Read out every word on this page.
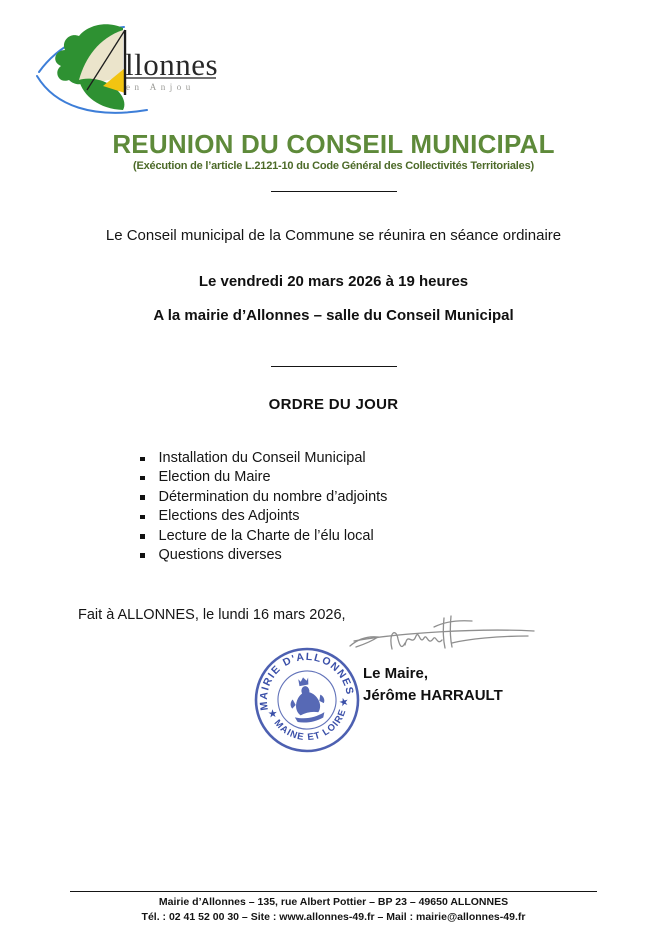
llonnes
en Anjou
REUNION DU CONSEIL MUNICIPAL
(Exécution de l’article L.2121-10 du Code Général des Collectivités Territoriales)
Le Conseil municipal de la Commune se réunira en séance ordinaire
Le vendredi 20 mars 2026 à 19 heures
A la mairie d’Allonnes – salle du Conseil Municipal
ORDRE DU JOUR
Installation du Conseil Municipal
Election du Maire
Détermination du nombre d’adjoints
Elections des Adjoints
Lecture de la Charte de l’élu local
Questions diverses
Fait à ALLONNES, le lundi 16 mars 2026,
MAIRIE D'ALLONNES
★ MAINE ET LOIRE ★
Le Maire,
Jérôme HARRAULT
Mairie d’Allonnes – 135, rue Albert Pottier – BP 23 – 49650 ALLONNES
Tél. : 02 41 52 00 30 – Site : www.allonnes-49.fr – Mail : mairie@allonnes-49.fr
